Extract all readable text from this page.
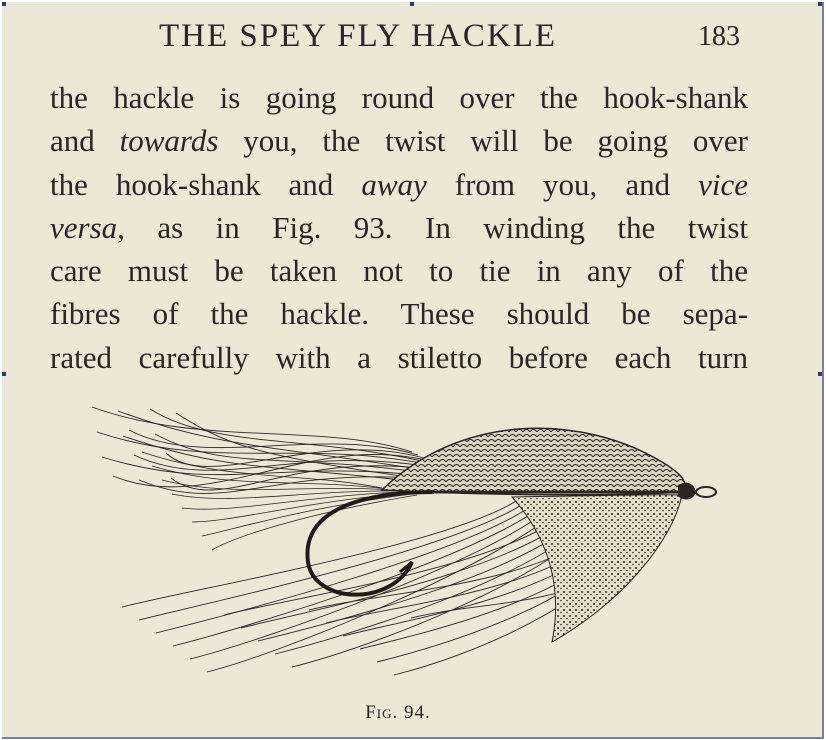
THE SPEY FLY HACKLE	183
the hackle is going round over the hook-shank
and towards you, the twist will be going over
the hook-shank and away from you, and vice
versa, as in Fig. 93. In winding the twist
care must be taken not to tie in any of the
fibres of the hackle. These should be sepa-
rated carefully with a stiletto before each turn
Fig. 94.
